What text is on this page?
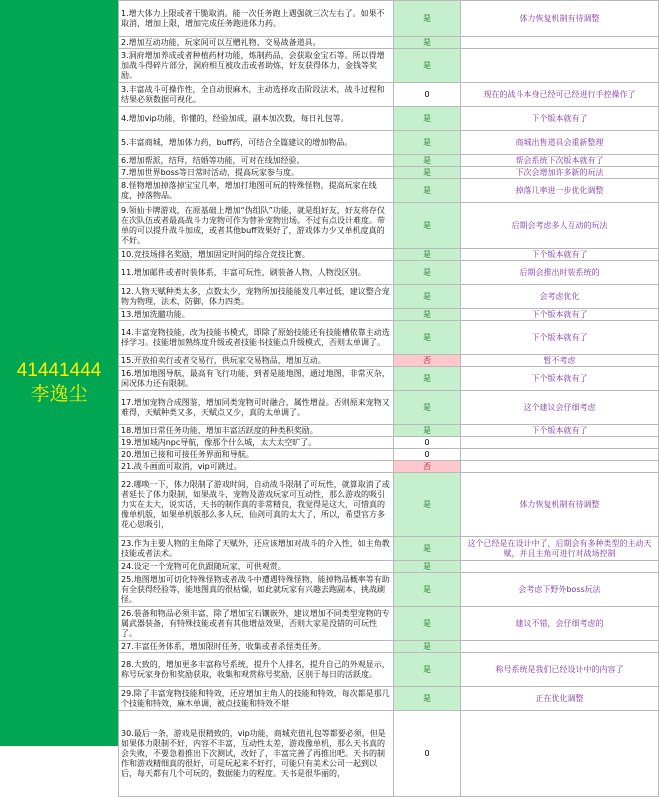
41441444
李逸尘
1.增大体力上限或者干脆取消。能一次任务跑上遇强就三次左右了。如果不取消，增加上限，增加完成任务跑进体力药。	是	体力恢复机制有待调整
2.增加互动功能，玩家间可以互赠礼物、交易战备道具。	是	
3.洞府增加养成或者种植药材功能，炼制药品，会获取金宝石等。所以得增加战斗得碎片部分，洞府相互被攻击或者助炼，好友获得体力，金钱等奖励。	是	
3.丰富战斗可操作性，全自动很麻木，主动选择攻击阶段法术，战斗过程和结果必须数据可视化。	0	现在的战斗本身已经可已经进行手控操作了
4.增加vip功能，你懂的，经验加成，副本加次数，每日礼包等。	是	下个版本就有了
5.丰富商城，增加体力药，buff药，可结合全篇建议的增加物品。	是	商城出售道具会重新整理
6.增加帮派，结拜，结婚等功能，可对在线加经验。	是	帮会系统下次版本就有了
7.增加世界boss等日常时活动，提高玩家参与度。	是	下次会增加许多新的玩法
8.怪物增加掉落掉宝宝几率，增加打地图可玩的特殊怪物，提高玩家在线度，掉落物品。	是	掉落几率进一步优化调整
9.领仙卡牌游戏，在原基础上增加“伪组队”功能，就是组好友，好友将存仅在次队伍或者最高战斗力宠物可作为替补宠物出场。不过有点设计难度。带单的可以提升战斗加成，或者其他buff效果好了，游戏体力少又单机度真的不好。	是	后期会考虑多人互动的玩法
10.竞技场排名奖励，增加固定时间的综合竞技比赛。	是	下个版本就有了
11.增加邮件或者时装体系，丰富可玩性，刷装备人物，人物没区别。	是	后期会推出时装系统的
12.人物天赋种类太多，点数太少，宠物所加技能能发几率过低，建议整合宠物为物理，法术，防御，体力四类。	是	会考虑优化
13.增加洗髓功能。	是	下个版本就有了
14.丰富宠物技能，改为技能书模式，即除了原始技能还有技能槽依靠主动选择学习。技能增加熟练度升级或者技能书技能点升级模式，否则太单调了。	是	下个版本就有了
15.开放拍卖行或者交易行，供玩家交易物品，增加互动。	否	暂不考虑
16.增加地图导航，最高有飞行功能，到者是能地图，通过地图，非常灭杂，闲况体力还有限制。	是	下个版本就有了
17.增加宠物合成图鉴，增加同类宠物可时融合，属性增益。否则原来宠物又难得，天赋种类又多，天赋点又少，真的太单调了。	是	这个建议会仔细考虑
18.增加日常任务功能，增加丰富活跃度的种类积奖励。	是	下个版本就有了
19.增加城内npc导航，像那个什么城，太大太空旷了。	0	
20.增加已接和可接任务界面和导航。	0	
21.战斗画面可取消，vip可跳过。	否	
22.哪唤一下，体力限制了游戏时间，自动战斗限制了可玩性，就算取消了或者延长了体力限制，如果战斗，宠物及游戏玩家可互动性，那么游戏的吸引力实在太大，说实话，天书的制作真的非常精良，我觉得是这大，可惜真的像单机版，如果单机版那么多人玩，仙剑可真的太大了，所以，希望官方多花心思吸引，	是	体力恢复机制有待调整
23.作为主要人物的主角除了天赋外，还应该增加对战斗的介入性，如主角教技能或者法术。	是	这个已经是在设计中了，后期会有多种类型的主动天赋，并且主角可进行对战场控制
24.设定一个宠物可化仇跟随玩家，可供观赏。	是	
25.地图增加可切化特殊怪物或者战斗中遭遇特殊怪物，能掉物品概率等有助有全获得经验等，能地图真的很枯燥，如此就玩家有兴趣去跑副本，挑战刷怪。	是	会考虑下野外boss玩法
26.装备和物品必须丰富，除了增加宝石镶嵌外，建议增加不同类型宠物的专属武器装备，有特殊技能或者有其他增益效果，否则大家是没错的可玩性了。	是	建议不错，会仔细考虑的
27.丰富任务体系，增加限时任务，收集或者杀怪类任务。	是	
28.大致的，增加更多丰富称号系统，提升个人排名，提升自己的外观显示，称号玩家身份和奖励获取，收集和观赏称号奖励，区别于每日的活跃度。	是	称号系统是我们已经设计中的内容了
29.除了丰富宠物技能和特效，还应增加主角人的技能和特效，每次都是那几个技能和特效，麻木单调，被点技能和特效不堪	是	正在优化调整
30.最后一条，游戏是很精致的，vip功能，商城充值礼包等都要必须，但是如果体力限制不好，内容不丰富，互动性太差，游戏像单机，那么天书真的会失败，不要急着推出下次测试，改好了，丰富完善了再推出吧。天书的制作和游戏精细真的很好，可是玩起来不好打，可能只有美术公司一起到以后，每天都有几个可玩的，数据能力的程度。天书是很华丽的，	0	
